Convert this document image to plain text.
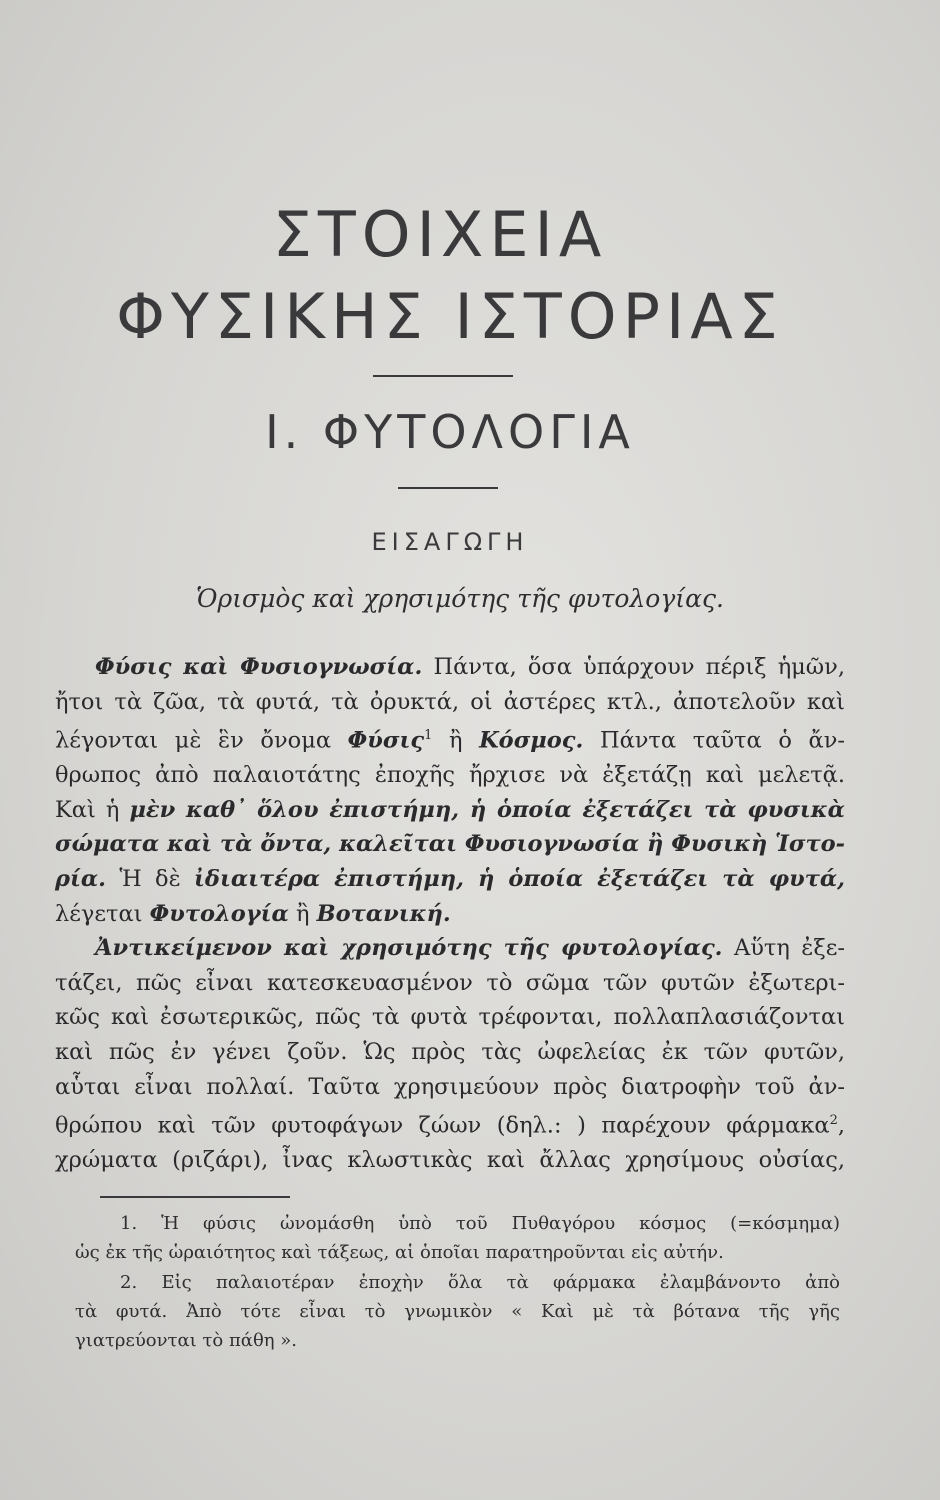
ΣΤΟΙΧΕΙΑ
ΦΥΣΙΚΗΣ ΙΣΤΟΡΙΑΣ
Ι. ΦΥΤΟΛΟΓΙΑ
ΕΙΣΑΓΩΓΗ
Ὁρισμὸς καὶ χρησιμότης τῆς φυτολογίας.
Φύσις καὶ Φυσιογνωσία. Πάντα, ὅσα ὑπάρχουν πέριξ ἡμῶν,
ἤτοι τὰ ζῶα, τὰ φυτά, τὰ ὀρυκτά, οἱ ἀστέρες κτλ., ἀποτελοῦν καὶ
λέγονται μὲ ἓν ὄνομα Φύσις$^1$ ἢ Κόσμος. Πάντα ταῦτα ὁ ἄν-
θρωπος ἀπὸ παλαιοτάτης ἐποχῆς ἤρχισε νὰ ἐξετάζῃ καὶ μελετᾷ.
Καὶ ἡ μὲν καθ᾽ ὅλου ἐπιστήμη, ἡ ὁποία ἐξετάζει τὰ φυσικὰ
σώματα καὶ τὰ ὄντα, καλεῖται Φυσιογνωσία ἢ Φυσικὴ Ἱστο-
ρία. Ἡ δὲ ἰδιαιτέρα ἐπιστήμη, ἡ ὁποία ἐξετάζει τὰ φυτά,
λέγεται Φυτολογία ἢ Βοτανική.
Ἀντικείμενον καὶ χρησιμότης τῆς φυτολογίας. Αὕτη ἐξε-
τάζει, πῶς εἶναι κατεσκευασμένον τὸ σῶμα τῶν φυτῶν ἐξωτερι-
κῶς καὶ ἐσωτερικῶς, πῶς τὰ φυτὰ τρέφονται, πολλαπλασιάζονται
καὶ πῶς ἐν γένει ζοῦν. Ὡς πρὸς τὰς ὠφελείας ἐκ τῶν φυτῶν,
αὗται εἶναι πολλαί. Ταῦτα χρησιμεύουν πρὸς διατροφὴν τοῦ ἀν-
θρώπου καὶ τῶν φυτοφάγων ζώων (δηλ.: ) παρέχουν φάρμακα$^2$,
χρώματα (ριζάρι), ἶνας κλωστικὰς καὶ ἄλλας χρησίμους οὐσίας,
1. Ἡ φύσις ὠνομάσθη ὑπὸ τοῦ Πυθαγόρου κόσμος (=κόσμημα)
ὡς ἐκ τῆς ὡραιότητος καὶ τάξεως, αἱ ὁποῖαι παρατηροῦνται εἰς αὐτήν.
2. Εἰς παλαιοτέραν ἐποχὴν ὅλα τὰ φάρμακα ἐλαμβάνοντο ἀπὸ
τὰ φυτά. Ἀπὸ τότε εἶναι τὸ γνωμικὸν « Καὶ μὲ τὰ βότανα τῆς γῆς
γιατρεύονται τὸ πάθη ».
